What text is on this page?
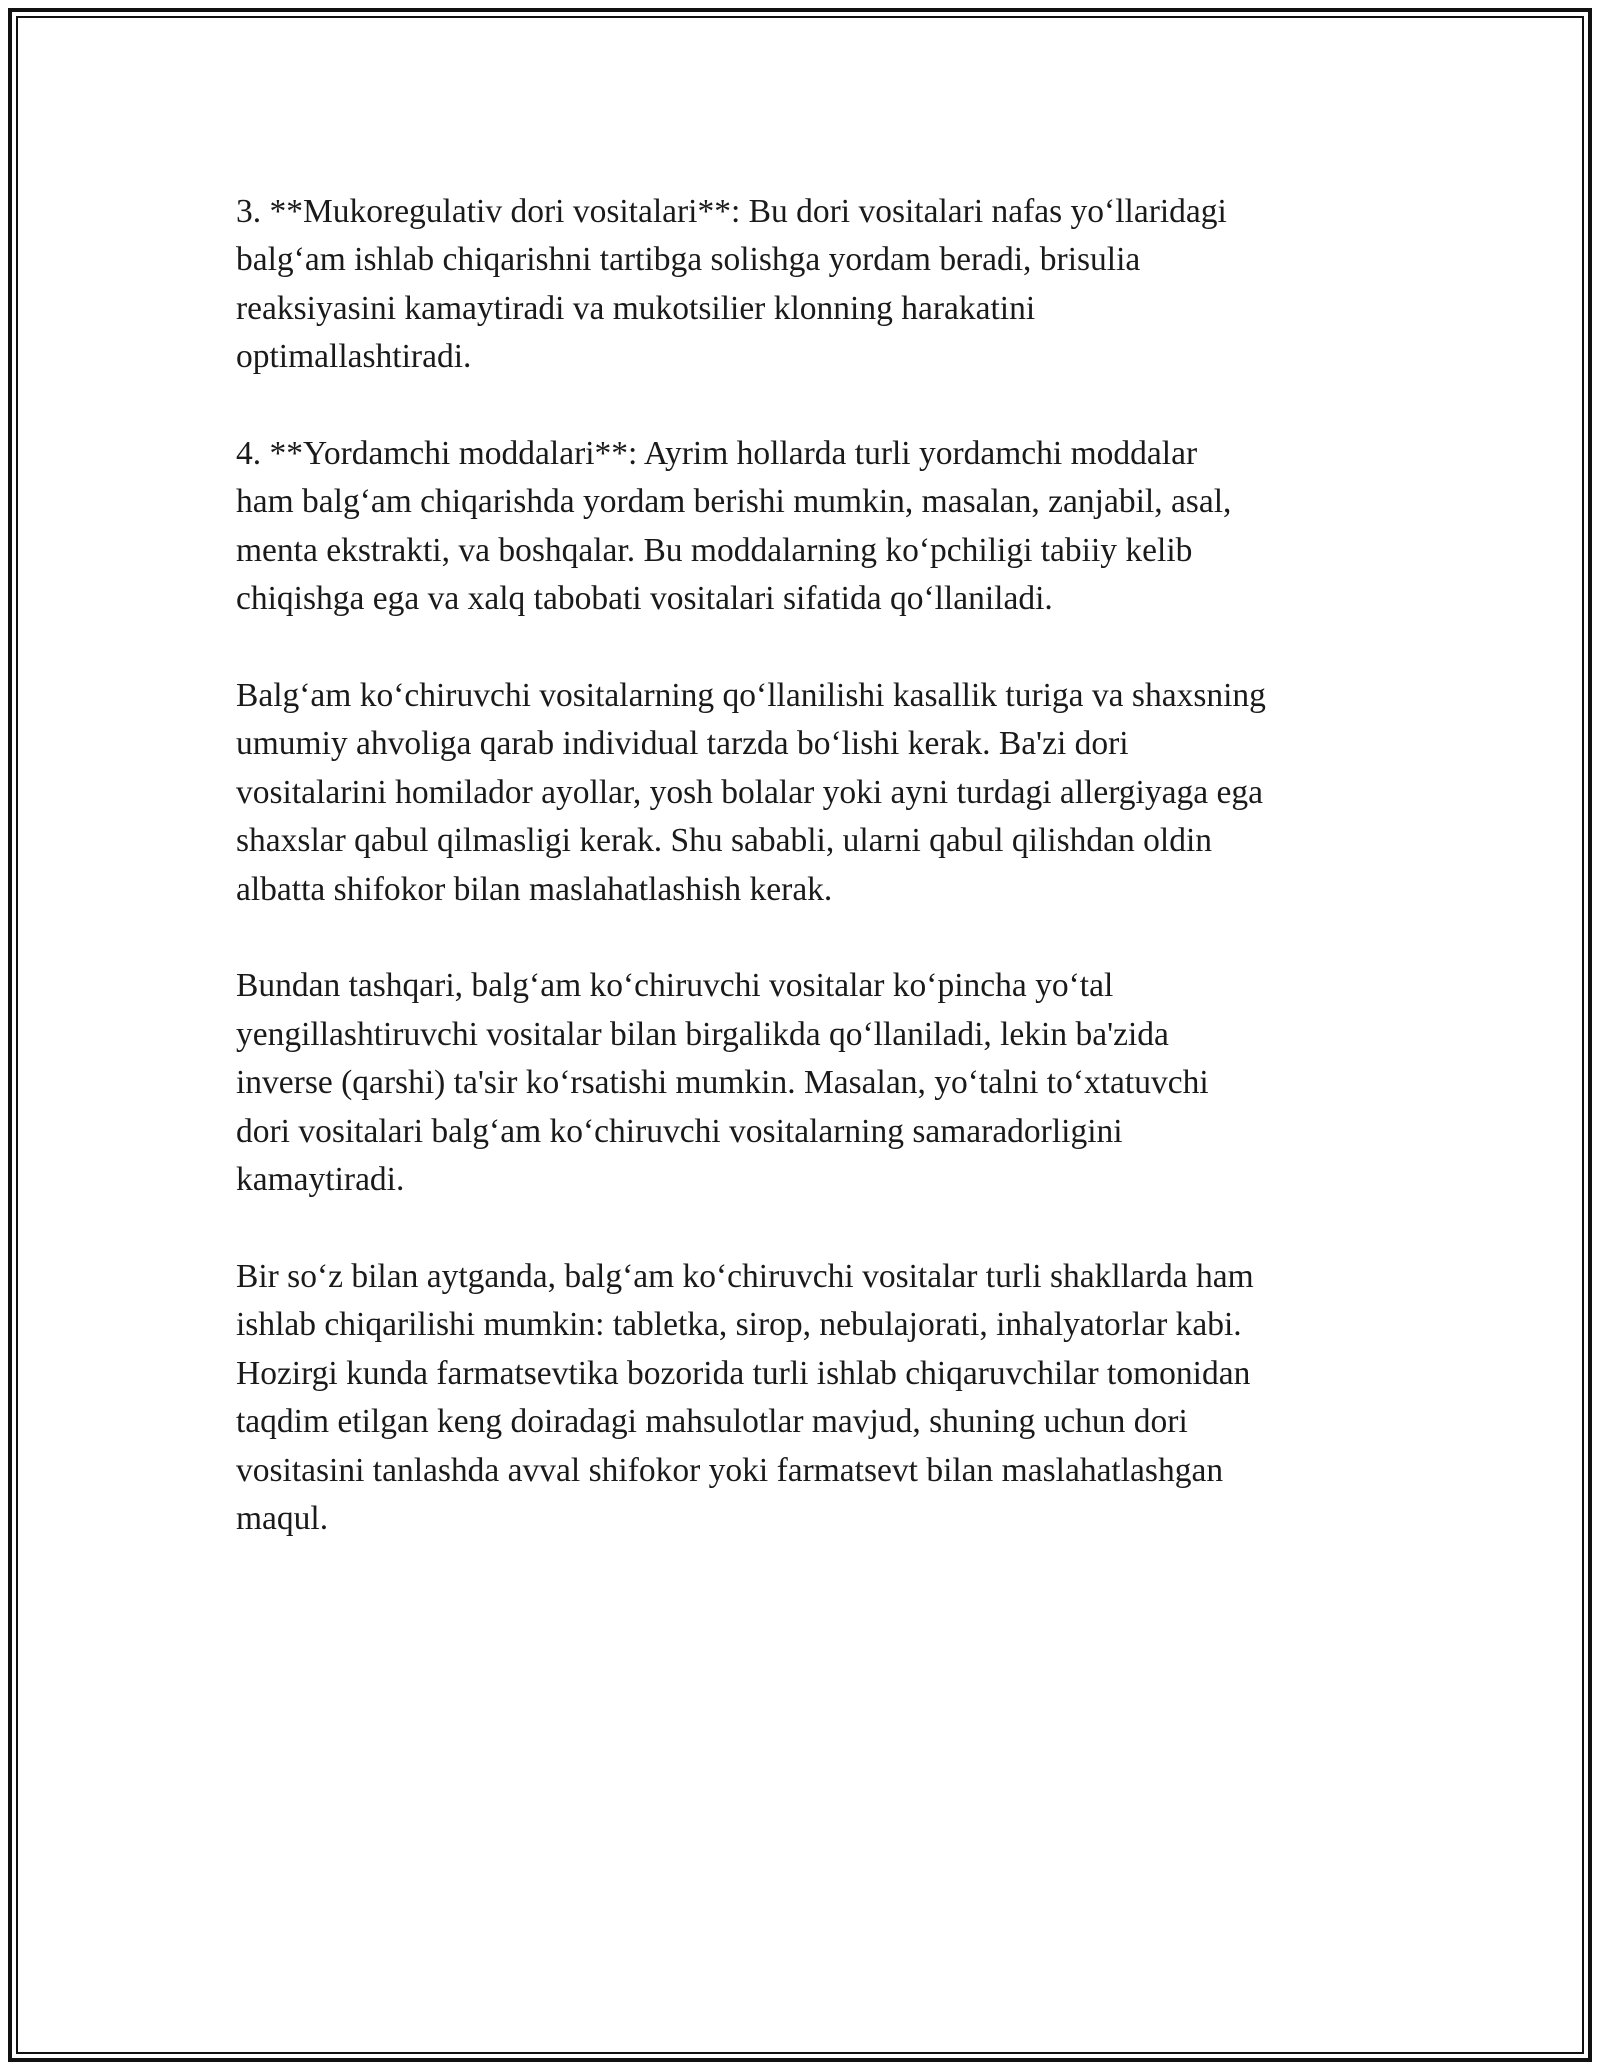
3. **Mukoregulativ dori vositalari**: Bu dori vositalari nafas yo‘llaridagi
balg‘am ishlab chiqarishni tartibga solishga yordam beradi, brisulia
reaksiyasini kamaytiradi va mukotsilier klonning harakatini
optimallashtiradi.

4. **Yordamchi moddalari**: Ayrim hollarda turli yordamchi moddalar
ham balg‘am chiqarishda yordam berishi mumkin, masalan, zanjabil, asal,
menta ekstrakti, va boshqalar. Bu moddalarning ko‘pchiligi tabiiy kelib
chiqishga ega va xalq tabobati vositalari sifatida qo‘llaniladi.

Balg‘am ko‘chiruvchi vositalarning qo‘llanilishi kasallik turiga va shaxsning
umumiy ahvoliga qarab individual tarzda bo‘lishi kerak. Ba'zi dori
vositalarini homilador ayollar, yosh bolalar yoki ayni turdagi allergiyaga ega
shaxslar qabul qilmasligi kerak. Shu sababli, ularni qabul qilishdan oldin
albatta shifokor bilan maslahatlashish kerak.

Bundan tashqari, balg‘am ko‘chiruvchi vositalar ko‘pincha yo‘tal
yengillashtiruvchi vositalar bilan birgalikda qo‘llaniladi, lekin ba'zida
inverse (qarshi) ta'sir ko‘rsatishi mumkin. Masalan, yo‘talni to‘xtatuvchi
dori vositalari balg‘am ko‘chiruvchi vositalarning samaradorligini
kamaytiradi.

Bir so‘z bilan aytganda, balg‘am ko‘chiruvchi vositalar turli shakllarda ham
ishlab chiqarilishi mumkin: tabletka, sirop, nebulajorati, inhalyatorlar kabi.
Hozirgi kunda farmatsevtika bozorida turli ishlab chiqaruvchilar tomonidan
taqdim etilgan keng doiradagi mahsulotlar mavjud, shuning uchun dori
vositasini tanlashda avval shifokor yoki farmatsevt bilan maslahatlashgan
maqul.
